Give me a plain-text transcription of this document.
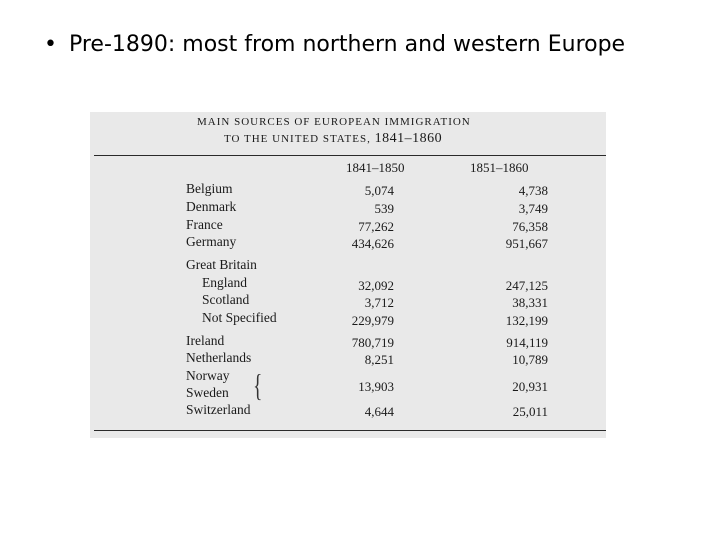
• Pre-1890: most from northern and western Europe
MAIN SOURCES OF EUROPEAN IMMIGRATION
TO THE UNITED STATES, 1841–1860
1841–1850	1851–1860
Belgium	5,074	4,738
Denmark	539	3,749
France	77,262	76,358
Germany	434,626	951,667
Great Britain
England	32,092	247,125
Scotland	3,712	38,331
Not Specified	229,979	132,199
Ireland	780,719	914,119
Netherlands	8,251	10,789
Norway
Sweden	13,903	20,931
Switzerland	4,644	25,011
{
